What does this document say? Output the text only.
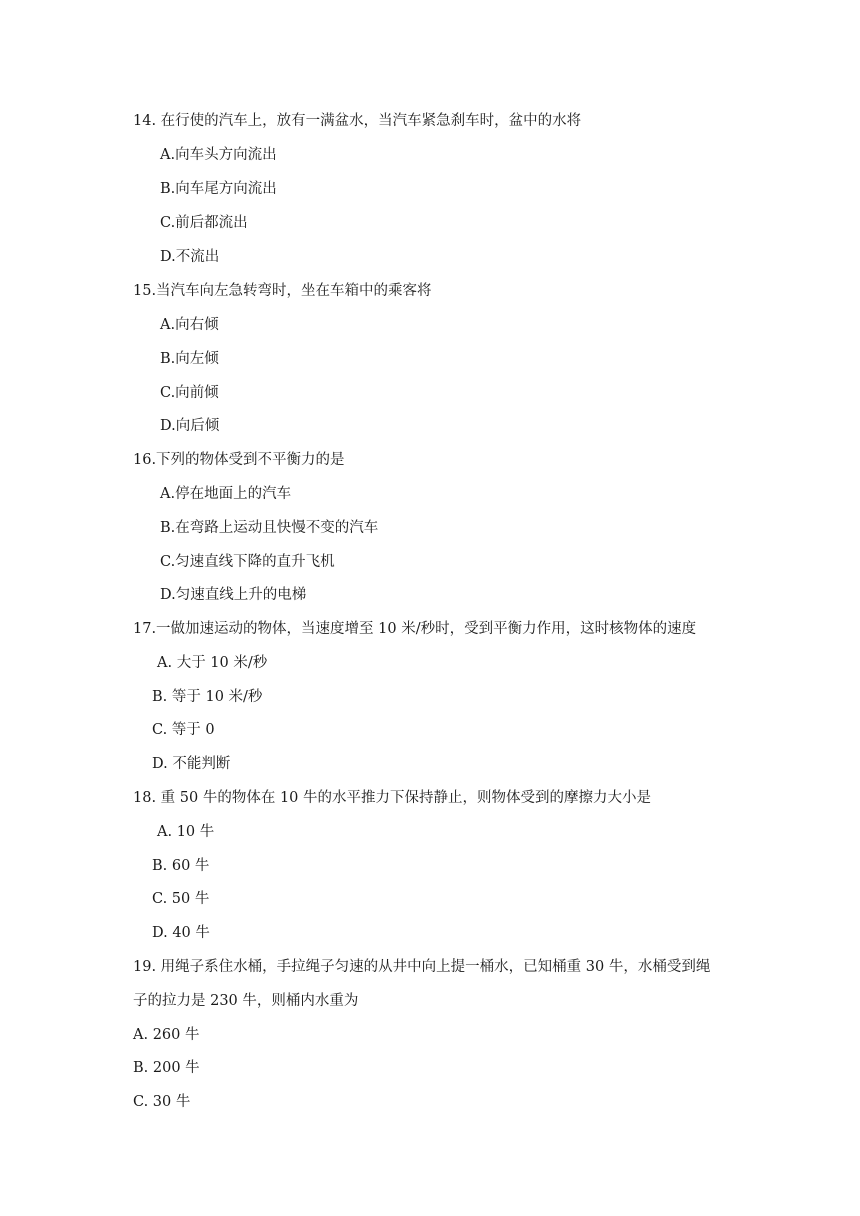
14. 在行使的汽车上，放有一满盆水，当汽车紧急刹车时，盆中的水将
A.向车头方向流出
B.向车尾方向流出
C.前后都流出
D.不流出
15.当汽车向左急转弯时，坐在车箱中的乘客将
A.向右倾
B.向左倾
C.向前倾
D.向后倾
16.下列的物体受到不平衡力的是
A.停在地面上的汽车
B.在弯路上运动且快慢不变的汽车
C.匀速直线下降的直升飞机
D.匀速直线上升的电梯
17.一做加速运动的物体，当速度增至 10 米/秒时，受到平衡力作用，这时核物体的速度
A. 大于 10 米/秒
B. 等于 10 米/秒
C. 等于 0
D. 不能判断
18. 重 50 牛的物体在 10 牛的水平推力下保持静止，则物体受到的摩擦力大小是
A. 10 牛
B. 60 牛
C. 50 牛
D. 40 牛
19. 用绳子系住水桶，手拉绳子匀速的从井中向上提一桶水，已知桶重 30 牛，水桶受到绳
子的拉力是 230 牛，则桶内水重为
A. 260 牛
B. 200 牛
C. 30 牛
